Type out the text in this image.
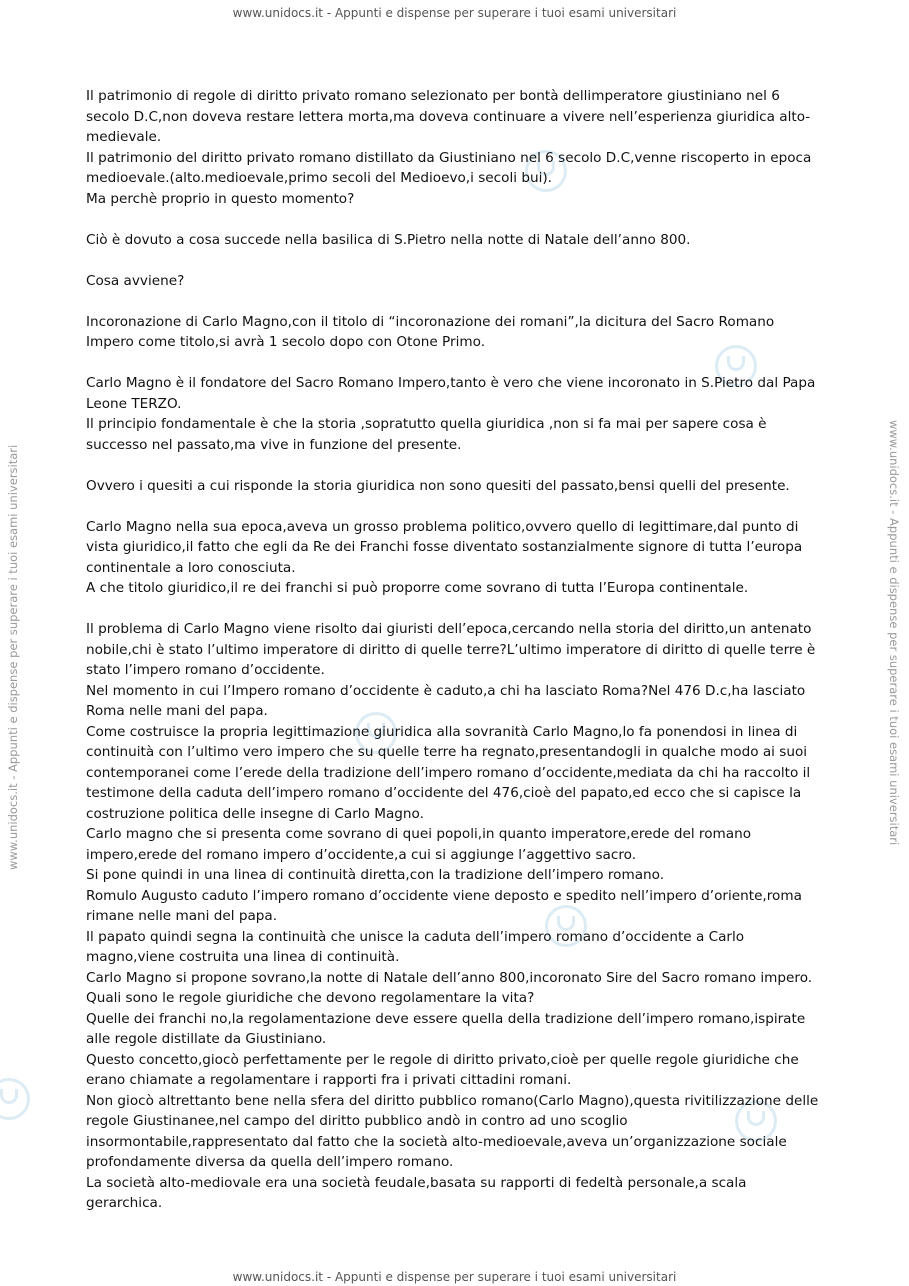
www.unidocs.it - Appunti e dispense per superare i tuoi esami universitari
www.unidocs.it - Appunti e dispense per superare i tuoi esami universitari	www.unidocs.it - Appunti e dispense per superare i tuoi esami universitari

Il patrimonio di regole di diritto privato romano selezionato per bontà dellimperatore giustiniano nel 6
secolo D.C,non doveva restare lettera morta,ma doveva continuare a vivere nell’esperienza giuridica alto-
medievale.
Il patrimonio del diritto privato romano distillato da Giustiniano nel 6 secolo D.C,venne riscoperto in epoca
medioevale.(alto.medioevale,primo secoli del Medioevo,i secoli bui).
Ma perchè proprio in questo momento?

Ciò è dovuto a cosa succede nella basilica di S.Pietro nella notte di Natale dell’anno 800.

Cosa avviene?

Incoronazione di Carlo Magno,con il titolo di “incoronazione dei romani”,la dicitura del Sacro Romano
Impero come titolo,si avrà 1 secolo dopo con Otone Primo.

Carlo Magno è il fondatore del Sacro Romano Impero,tanto è vero che viene incoronato in S.Pietro dal Papa
Leone TERZO.
Il principio fondamentale è che la storia ,sopratutto quella giuridica ,non si fa mai per sapere cosa è
successo nel passato,ma vive in funzione del presente.

Ovvero i quesiti a cui risponde la storia giuridica non sono quesiti del passato,bensi quelli del presente.

Carlo Magno nella sua epoca,aveva un grosso problema politico,ovvero quello di legittimare,dal punto di
vista giuridico,il fatto che egli da Re dei Franchi fosse diventato sostanzialmente signore di tutta l’europa
continentale a loro conosciuta.
A che titolo giuridico,il re dei franchi si può proporre come sovrano di tutta l’Europa continentale.

Il problema di Carlo Magno viene risolto dai giuristi dell’epoca,cercando nella storia del diritto,un antenato
nobile,chi è stato l’ultimo imperatore di diritto di quelle terre?L’ultimo imperatore di diritto di quelle terre è
stato l’impero romano d’occidente.
Nel momento in cui l’Impero romano d’occidente è caduto,a chi ha lasciato Roma?Nel 476 D.c,ha lasciato
Roma nelle mani del papa.
Come costruisce la propria legittimazione giuridica alla sovranità Carlo Magno,lo fa ponendosi in linea di
continuità con l’ultimo vero impero che su quelle terre ha regnato,presentandogli in qualche modo ai suoi
contemporanei come l’erede della tradizione dell’impero romano d’occidente,mediata da chi ha raccolto il
testimone della caduta dell’impero romano d’occidente del 476,cioè del papato,ed ecco che si capisce la
costruzione politica delle insegne di Carlo Magno.
Carlo magno che si presenta come sovrano di quei popoli,in quanto imperatore,erede del romano
impero,erede del romano impero d’occidente,a cui si aggiunge l’aggettivo sacro.
Si pone quindi in una linea di continuità diretta,con la tradizione dell’impero romano.
Romulo Augusto caduto l’impero romano d’occidente viene deposto e spedito nell’impero d’oriente,roma
rimane nelle mani del papa.
Il papato quindi segna la continuità che unisce la caduta dell’impero romano d’occidente a Carlo
magno,viene costruita una linea di continuità.
Carlo Magno si propone sovrano,la notte di Natale dell’anno 800,incoronato Sire del Sacro romano impero.
Quali sono le regole giuridiche che devono regolamentare la vita?
Quelle dei franchi no,la regolamentazione deve essere quella della tradizione dell’impero romano,ispirate
alle regole distillate da Giustiniano.
Questo concetto,giocò perfettamente per le regole di diritto privato,cioè per quelle regole giuridiche che
erano chiamate a regolamentare i rapporti fra i privati cittadini romani.
Non giocò altrettanto bene nella sfera del diritto pubblico romano(Carlo Magno),questa rivitilizzazione delle
regole Giustinanee,nel campo del diritto pubblico andò in contro ad uno scoglio
insormontabile,rappresentato dal fatto che la società alto-medioevale,aveva un’organizzazione sociale
profondamente diversa da quella dell’impero romano.
La società alto-mediovale era una società feudale,basata su rapporti di fedeltà personale,a scala gerarchica.

www.unidocs.it - Appunti e dispense per superare i tuoi esami universitari
